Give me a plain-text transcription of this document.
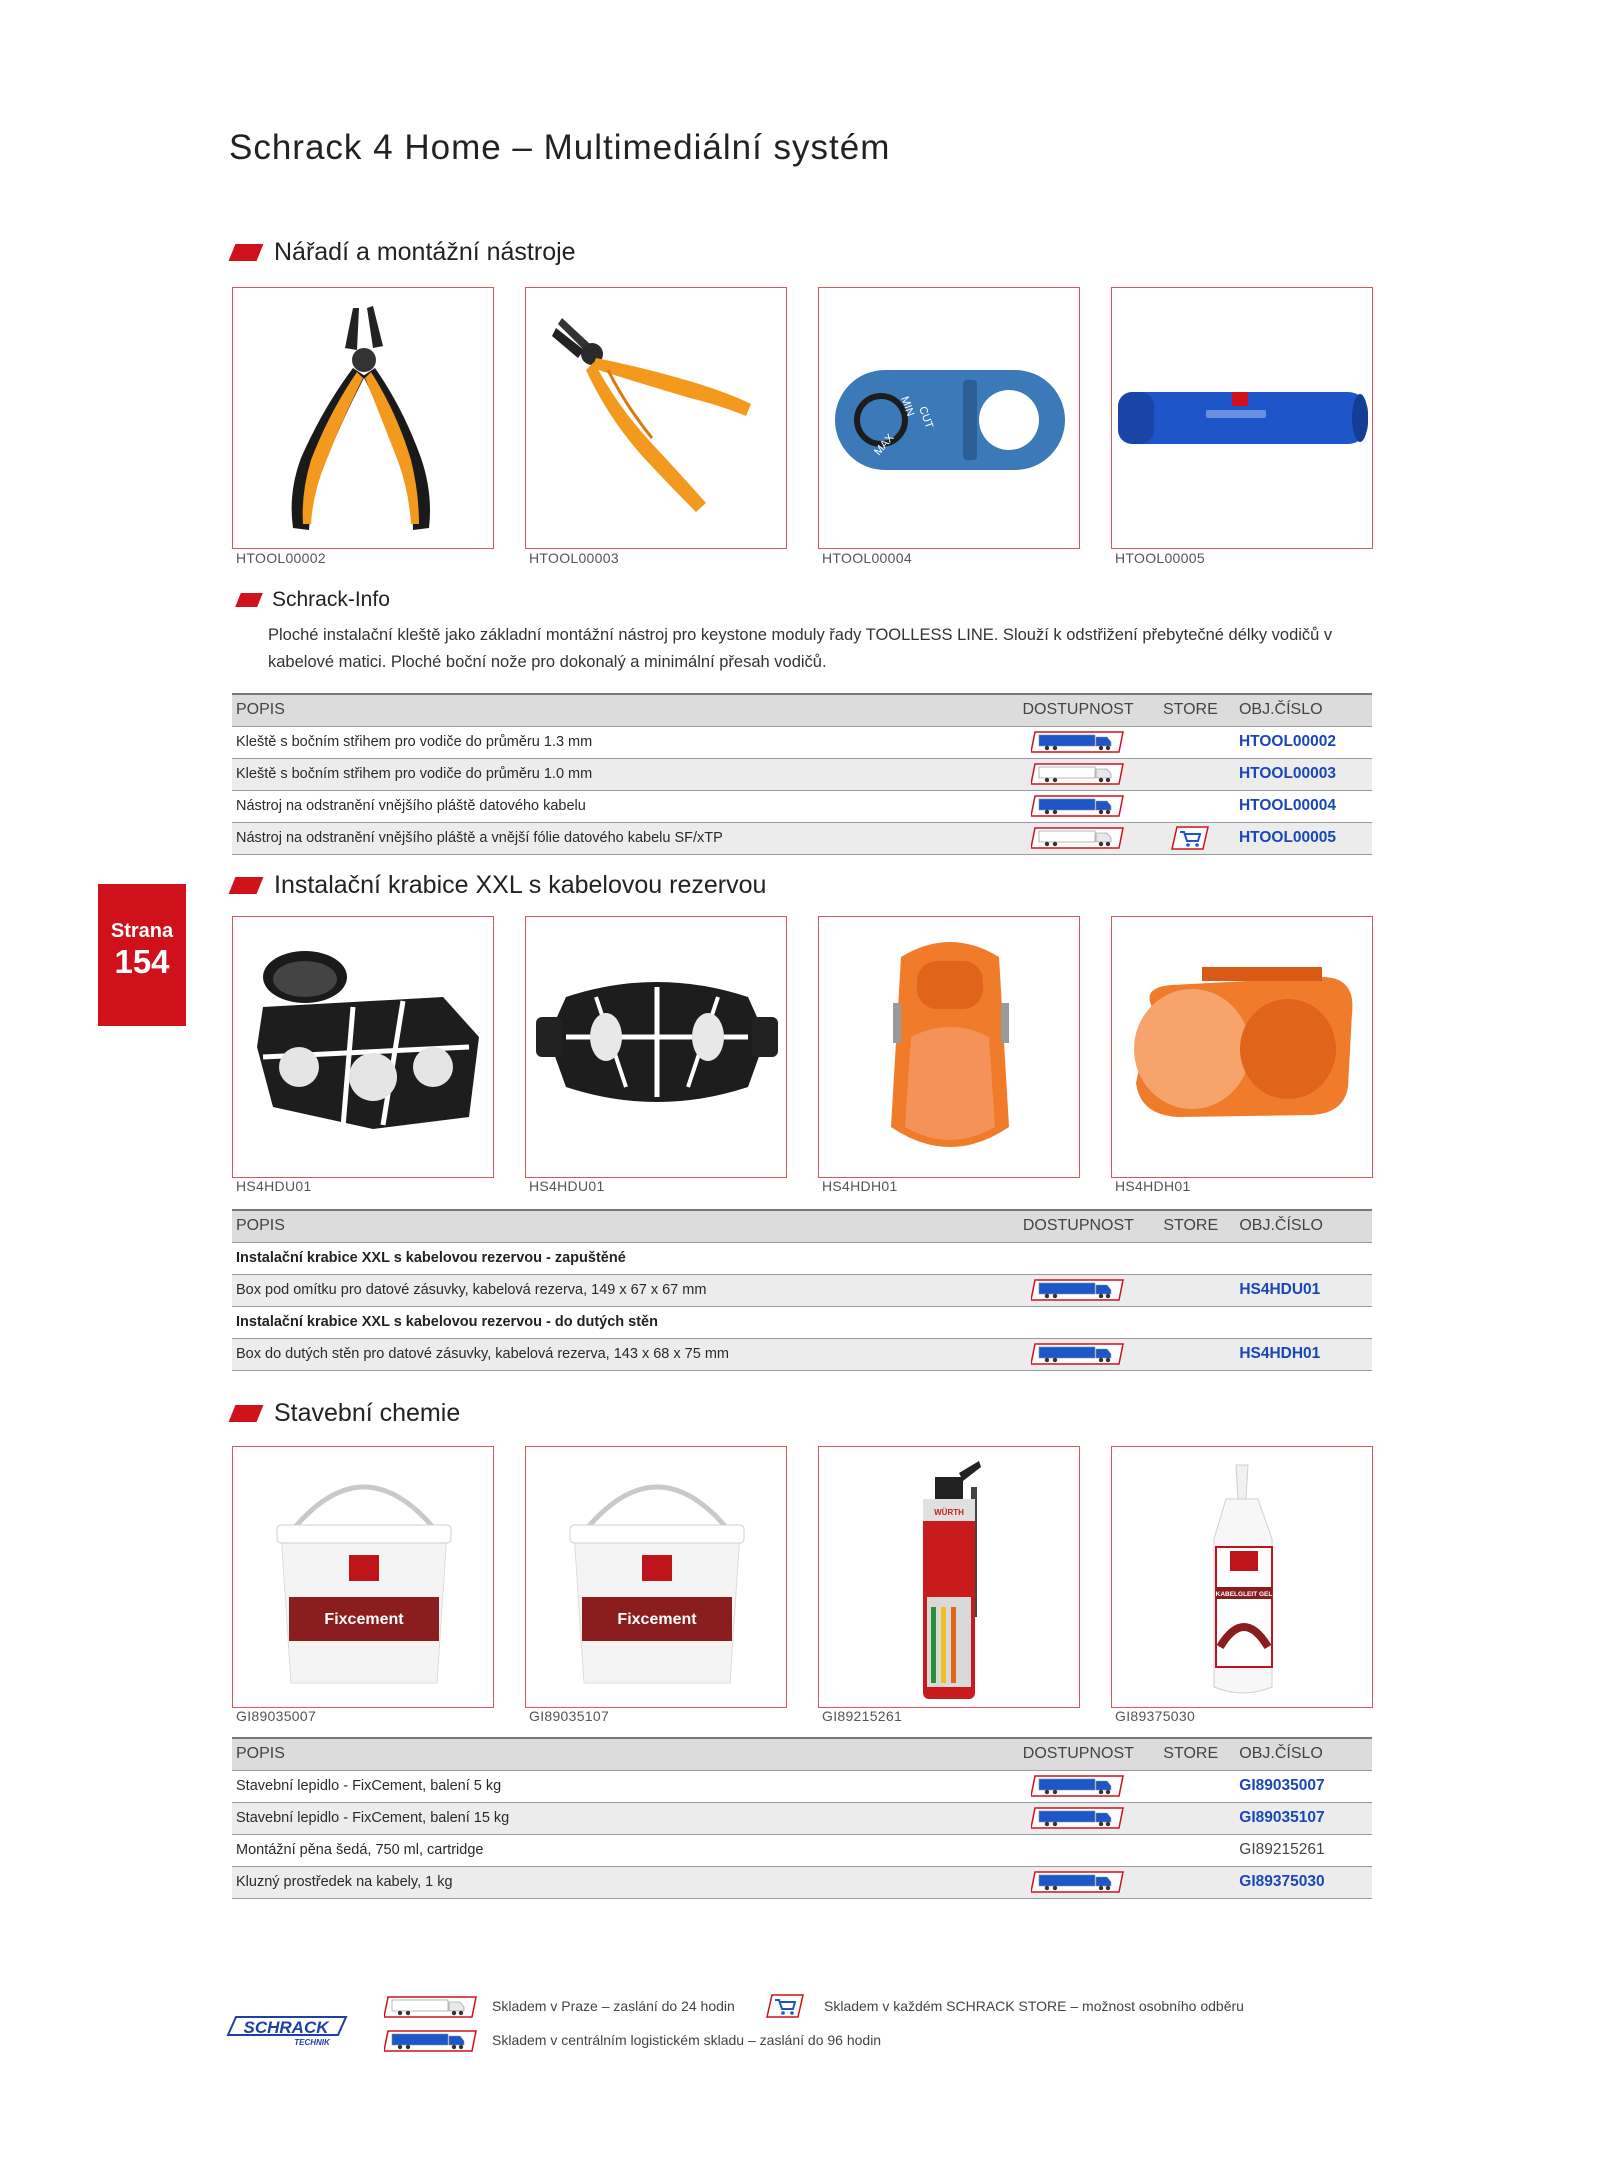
Schrack 4 Home – Multimediální systém
Strana
154
Nářadí a montážní nástroje
HTOOL00002	HTOOL00003
MIN CUT
MAX
HTOOL00004	HTOOL00005
Schrack-Info
Ploché instalační kleště jako základní montážní nástroj pro keystone moduly řady TOOLLESS LINE. Slouží k odstřižení přebytečné délky vodičů v kabelové matici. Ploché boční nože pro dokonalý a minimální přesah vodičů.
POPIS	DOSTUPNOST	STORE	OBJ.ČÍSLO
Kleště s bočním střihem pro vodiče do průměru 1.3 mm			HTOOL00002
Kleště s bočním střihem pro vodiče do průměru 1.0 mm			HTOOL00003
Nástroj na odstranění vnějšího pláště datového kabelu			HTOOL00004
Nástroj na odstranění vnějšího pláště a vnější fólie datového kabelu SF/xTP			HTOOL00005
Instalační krabice XXL s kabelovou rezervou
HS4HDU01	HS4HDU01	HS4HDH01	HS4HDH01
POPIS	DOSTUPNOST	STORE	OBJ.ČÍSLO
Instalační krabice XXL s kabelovou rezervou - zapuštěné			
Box pod omítku pro datové zásuvky, kabelová rezerva, 149 x 67 x 67 mm			HS4HDU01
Instalační krabice XXL s kabelovou rezervou - do dutých stěn			
Box do dutých stěn pro datové zásuvky, kabelová rezerva, 143 x 68 x 75 mm			HS4HDH01
Stavební chemie
Fixcement
GI89035007
Fixcement
GI89035107
WÜRTH
GI89215261
KABELGLEIT GEL
GI89375030
POPIS	DOSTUPNOST	STORE	OBJ.ČÍSLO
Stavební lepidlo - FixCement, balení 5 kg			GI89035007
Stavební lepidlo - FixCement, balení 15 kg			GI89035107
Montážní pěna šedá, 750 ml, cartridge			GI89215261
Kluzný prostředek na kabely, 1 kg			GI89375030
Skladem v Praze – zaslání do 24 hodin	Skladem v každém SCHRACK STORE – možnost osobního odběru
Skladem v centrálním logistickém skladu – zaslání do 96 hodin
SCHRACK
TECHNIK
